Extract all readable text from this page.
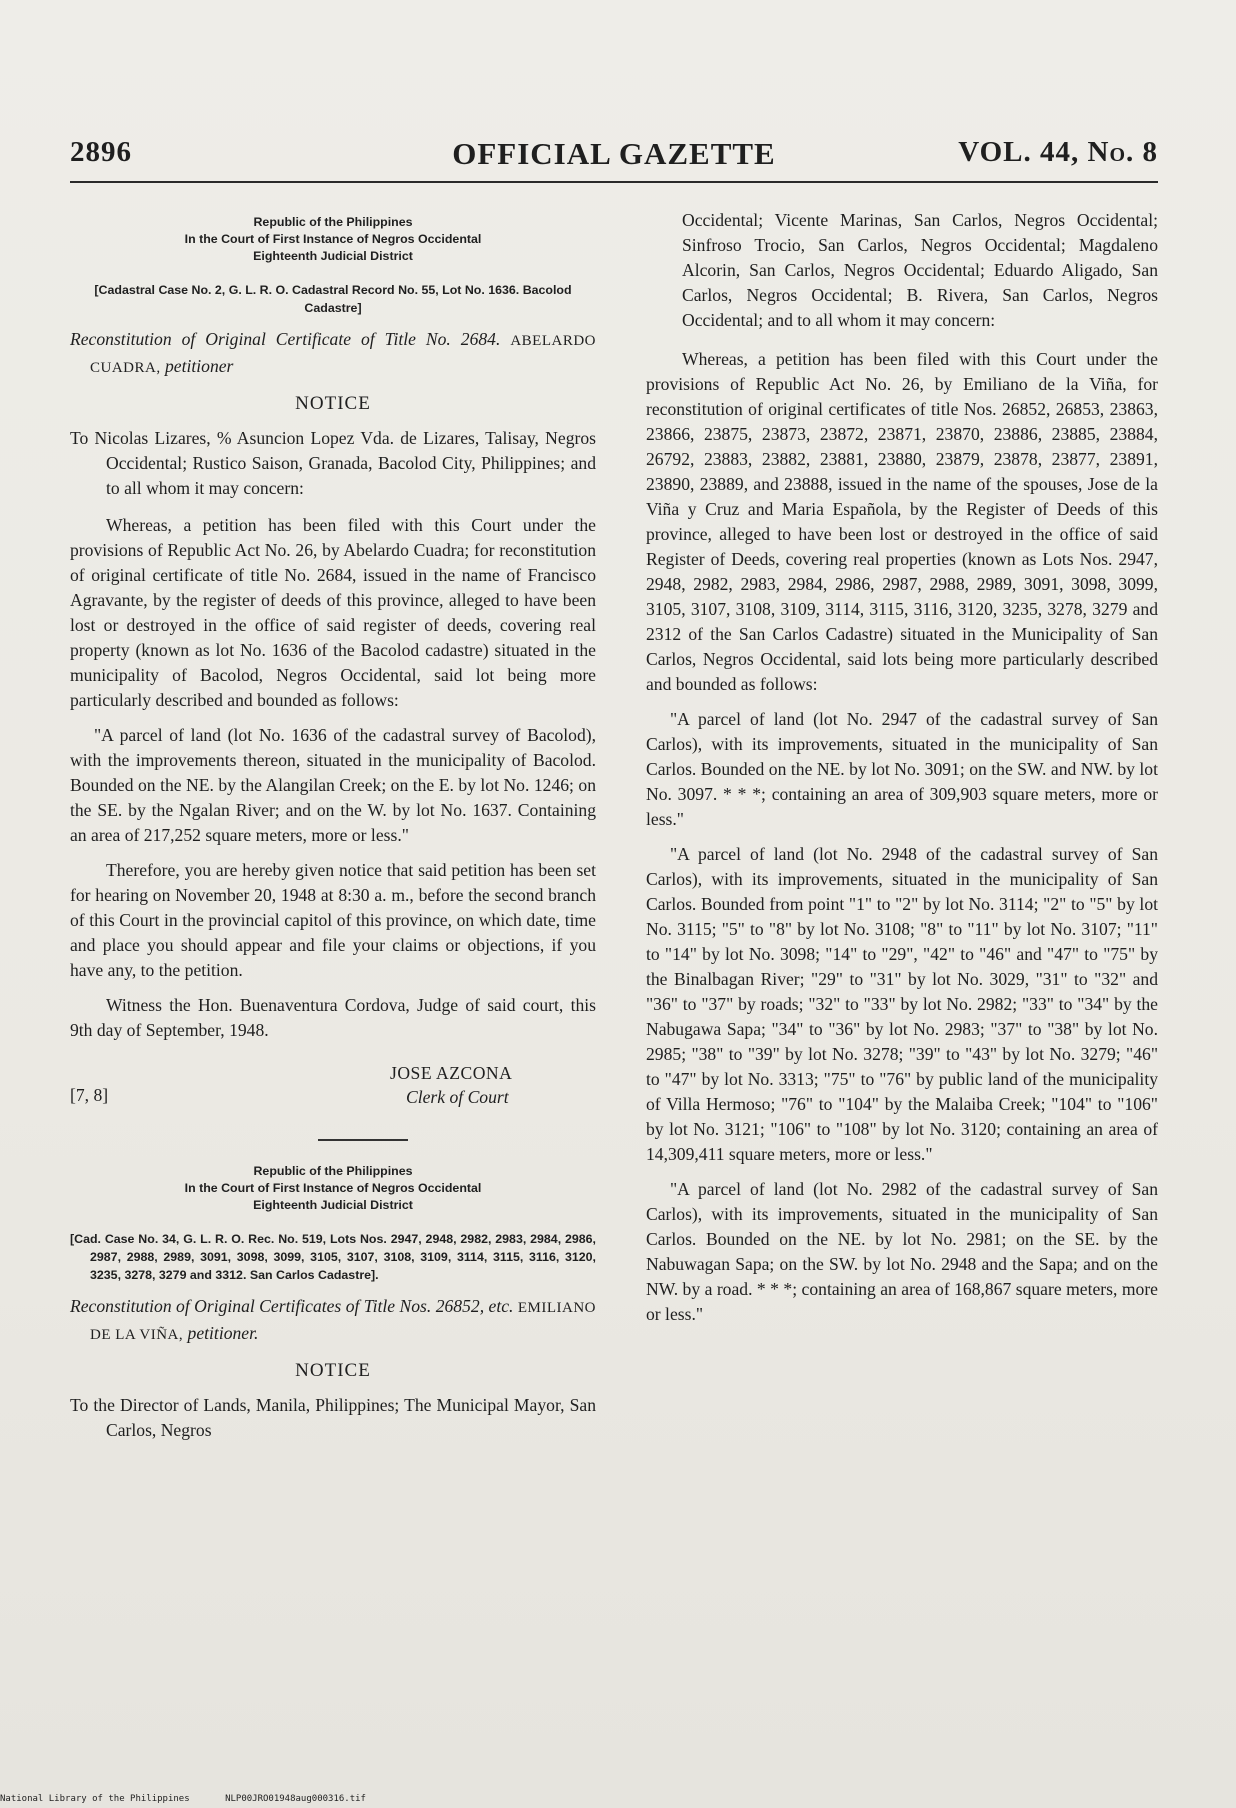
2896	OFFICIAL GAZETTE	VOL. 44, No. 8
Republic of the Philippines
In the Court of First Instance of Negros Occidental
Eighteenth Judicial District
[Cadastral Case No. 2, G. L. R. O. Cadastral Record No. 55, Lot No. 1636. Bacolod Cadastre]
Reconstitution of Original Certificate of Title No. 2684. ABELARDO CUADRA, petitioner
NOTICE
To Nicolas Lizares, % Asuncion Lopez Vda. de Lizares, Talisay, Negros Occidental; Rustico Saison, Granada, Bacolod City, Philippines; and to all whom it may concern:
Whereas, a petition has been filed with this Court under the provisions of Republic Act No. 26, by Abelardo Cuadra; for reconstitution of original certificate of title No. 2684, issued in the name of Francisco Agravante, by the register of deeds of this province, alleged to have been lost or destroyed in the office of said register of deeds, covering real property (known as lot No. 1636 of the Bacolod cadastre) situated in the municipality of Bacolod, Negros Occidental, said lot being more particularly described and bounded as follows:
"A parcel of land (lot No. 1636 of the cadastral survey of Bacolod), with the improvements thereon, situated in the municipality of Bacolod. Bounded on the NE. by the Alangilan Creek; on the E. by lot No. 1246; on the SE. by the Ngalan River; and on the W. by lot No. 1637. Containing an area of 217,252 square meters, more or less."
Therefore, you are hereby given notice that said petition has been set for hearing on November 20, 1948 at 8:30 a. m., before the second branch of this Court in the provincial capitol of this province, on which date, time and place you should appear and file your claims or objections, if you have any, to the petition.
Witness the Hon. Buenaventura Cordova, Judge of said court, this 9th day of September, 1948.
[7, 8]
JOSE AZCONA
Clerk of Court
Republic of the Philippines
In the Court of First Instance of Negros Occidental
Eighteenth Judicial District
[Cad. Case No. 34, G. L. R. O. Rec. No. 519, Lots Nos. 2947, 2948, 2982, 2983, 2984, 2986, 2987, 2988, 2989, 3091, 3098, 3099, 3105, 3107, 3108, 3109, 3114, 3115, 3116, 3120, 3235, 3278, 3279 and 3312. San Carlos Cadastre].
Reconstitution of Original Certificates of Title Nos. 26852, etc. EMILIANO DE LA VIÑA, petitioner.
NOTICE
To the Director of Lands, Manila, Philippines; The Municipal Mayor, San Carlos, Negros
Occidental; Vicente Marinas, San Carlos, Negros Occidental; Sinfroso Trocio, San Carlos, Negros Occidental; Magdaleno Alcorin, San Carlos, Negros Occidental; Eduardo Aligado, San Carlos, Negros Occidental; B. Rivera, San Carlos, Negros Occidental; and to all whom it may concern:
Whereas, a petition has been filed with this Court under the provisions of Republic Act No. 26, by Emiliano de la Viña, for reconstitution of original certificates of title Nos. 26852, 26853, 23863, 23866, 23875, 23873, 23872, 23871, 23870, 23886, 23885, 23884, 26792, 23883, 23882, 23881, 23880, 23879, 23878, 23877, 23891, 23890, 23889, and 23888, issued in the name of the spouses, Jose de la Viña y Cruz and Maria Española, by the Register of Deeds of this province, alleged to have been lost or destroyed in the office of said Register of Deeds, covering real properties (known as Lots Nos. 2947, 2948, 2982, 2983, 2984, 2986, 2987, 2988, 2989, 3091, 3098, 3099, 3105, 3107, 3108, 3109, 3114, 3115, 3116, 3120, 3235, 3278, 3279 and 2312 of the San Carlos Cadastre) situated in the Municipality of San Carlos, Negros Occidental, said lots being more particularly described and bounded as follows:
"A parcel of land (lot No. 2947 of the cadastral survey of San Carlos), with its improvements, situated in the municipality of San Carlos. Bounded on the NE. by lot No. 3091; on the SW. and NW. by lot No. 3097. * * *; containing an area of 309,903 square meters, more or less."
"A parcel of land (lot No. 2948 of the cadastral survey of San Carlos), with its improvements, situated in the municipality of San Carlos. Bounded from point "1" to "2" by lot No. 3114; "2" to "5" by lot No. 3115; "5" to "8" by lot No. 3108; "8" to "11" by lot No. 3107; "11" to "14" by lot No. 3098; "14" to "29", "42" to "46" and "47" to "75" by the Binalbagan River; "29" to "31" by lot No. 3029, "31" to "32" and "36" to "37" by roads; "32" to "33" by lot No. 2982; "33" to "34" by the Nabugawa Sapa; "34" to "36" by lot No. 2983; "37" to "38" by lot No. 2985; "38" to "39" by lot No. 3278; "39" to "43" by lot No. 3279; "46" to "47" by lot No. 3313; "75" to "76" by public land of the municipality of Villa Hermoso; "76" to "104" by the Malaiba Creek; "104" to "106" by lot No. 3121; "106" to "108" by lot No. 3120; containing an area of 14,309,411 square meters, more or less."
"A parcel of land (lot No. 2982 of the cadastral survey of San Carlos), with its improvements, situated in the municipality of San Carlos. Bounded on the NE. by lot No. 2981; on the SE. by the Nabuwagan Sapa; on the SW. by lot No. 2948 and the Sapa; and on the NW. by a road. * * *; containing an area of 168,867 square meters, more or less."
National Library of the Philippines	NLP00JRO01948aug000316.tif
